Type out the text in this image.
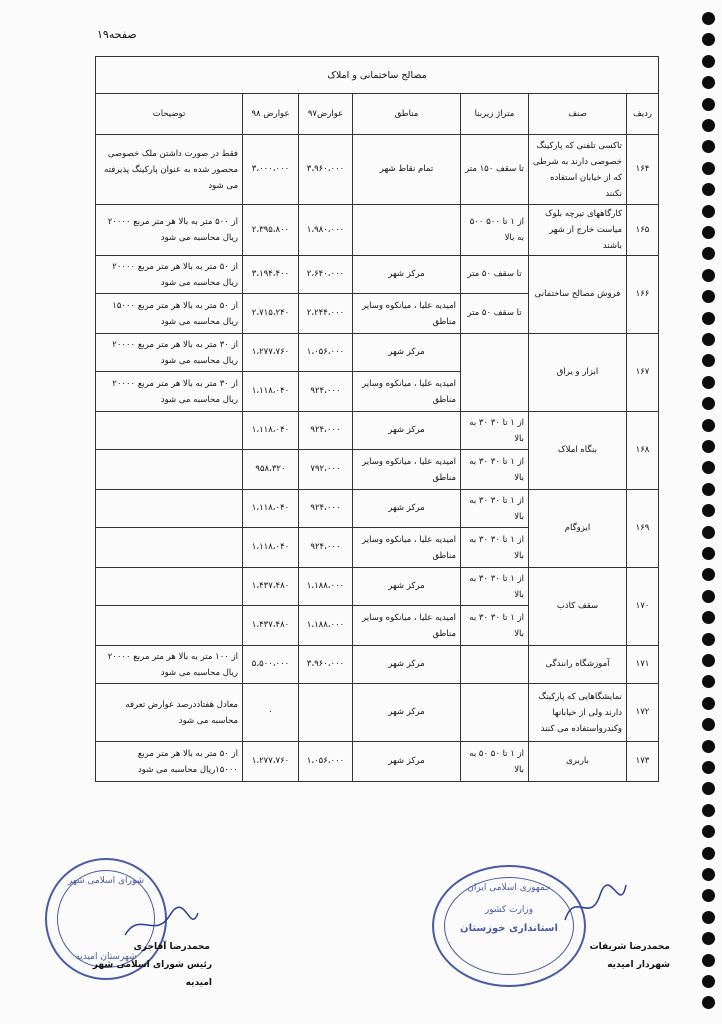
صفحه۱۹
مصالح ساختمانی و املاک						
ردیف	صنف	متراژ زیربنا	مناطق	عوارض۹۷	عوارض ۹۸	توضیحات
۱۶۴	تاکسی تلفنی که پارکینگ خصوصی دارند به شرطی که از خیابان استفاده نکنند	تا سقف ۱۵۰ متر	تمام نقاط شهر	۳،۹۶۰،۰۰۰	۳،۰۰۰،۰۰۰	فقط در صورت داشتن ملک خصوصی محصور شده به عنوان پارکینگ پذیرفته می شود
۱۶۵	کارگاههای تیرچه بلوک میاست خارج از شهر باشند	از ۱ تا ۵۰۰ ۵۰۰ به بالا		۱،۹۸۰،۰۰۰	۲،۳۹۵،۸۰۰	از ۵۰۰ متر به بالا هر متر مربع ۲۰۰۰۰ ریال محاسبه می شود
۱۶۶	فروش مصالح ساختمانی	تا سقف ۵۰ متر	مرکز شهر	۲،۶۴۰،۰۰۰	۳،۱۹۴،۴۰۰	از ۵۰ متر به بالا هر متر مربع ۲۰۰۰۰ ریال محاسبه می شود
		تا سقف ۵۰ متر	امیدیه علیا ، میانکوه وسایر مناطق	۲،۲۴۴،۰۰۰	۲،۷۱۵،۲۴۰	از ۵۰ متر به بالا هر متر مربع ۱۵۰۰۰ ریال محاسبه می شود
۱۶۷	ابزار و یراق		مرکز شهر	۱،۰۵۶،۰۰۰	۱،۲۷۷،۷۶۰	از ۳۰ متر به بالا هر متر مربع ۲۰۰۰۰ ریال محاسبه می شود
			امیدیه علیا ، میانکوه وسایر مناطق	۹۲۴،۰۰۰	۱،۱۱۸،۰۴۰	از ۳۰ متر به بالا هر متر مربع ۲۰۰۰۰ ریال محاسبه می شود
۱۶۸	بنگاه املاک	از ۱ تا ۳۰ ۳۰ به بالا	مرکز شهر	۹۲۴،۰۰۰	۱،۱۱۸،۰۴۰	
		از ۱ تا ۳۰ ۳۰ به بالا	امیدیه علیا ، میانکوه وسایر مناطق	۷۹۲،۰۰۰	۹۵۸،۳۲۰	
۱۶۹	ایزوگام	از ۱ تا ۳۰ ۳۰ به بالا	مرکز شهر	۹۲۴،۰۰۰	۱،۱۱۸،۰۴۰	
		از ۱ تا ۳۰ ۳۰ به بالا	امیدیه علیا ، میانکوه وسایر مناطق	۹۲۴،۰۰۰	۱،۱۱۸،۰۴۰	
۱۷۰	سقف کاذب	از ۱ تا ۳۰ ۳۰ به بالا	مرکز شهر	۱،۱۸۸،۰۰۰	۱،۴۳۷،۴۸۰	
		از ۱ تا ۳۰ ۳۰ به بالا	امیدیه علیا ، میانکوه وسایر مناطق	۱،۱۸۸،۰۰۰	۱،۴۳۷،۴۸۰	
۱۷۱	آموزشگاه رانندگی		مرکز شهر	۳،۹۶۰،۰۰۰	۵،۵۰۰،۰۰۰	از ۱۰۰ متر به بالا هر متر مربع ۲۰۰۰۰ ریال محاسبه می شود
۱۷۲	نمایشگاهایی که پارکینگ دارند ولی از خیابانها وکندرواستفاده می کنند		مرکز شهر		۰	معادل هفتاددرصد عوارض تعرفه محاسبه می شود
۱۷۳	باربری	از ۱ تا ۵۰ ۵۰ به بالا	مرکز شهر	۱،۰۵۶،۰۰۰	۱،۲۷۷،۷۶۰	از ۵۰ متر به بالا هر متر مربع ۱۵۰۰۰ریال محاسبه می شود
شورای اسلامی شهر
شهرستان امیدیه
محمدرضا آقاجری
رئیس شورای اسلامی شهر امیدیه
جمهوری اسلامی ایران
وزارت کشور
استانداری خوزستان
محمدرضا شریفات
شهردار امیدیه
